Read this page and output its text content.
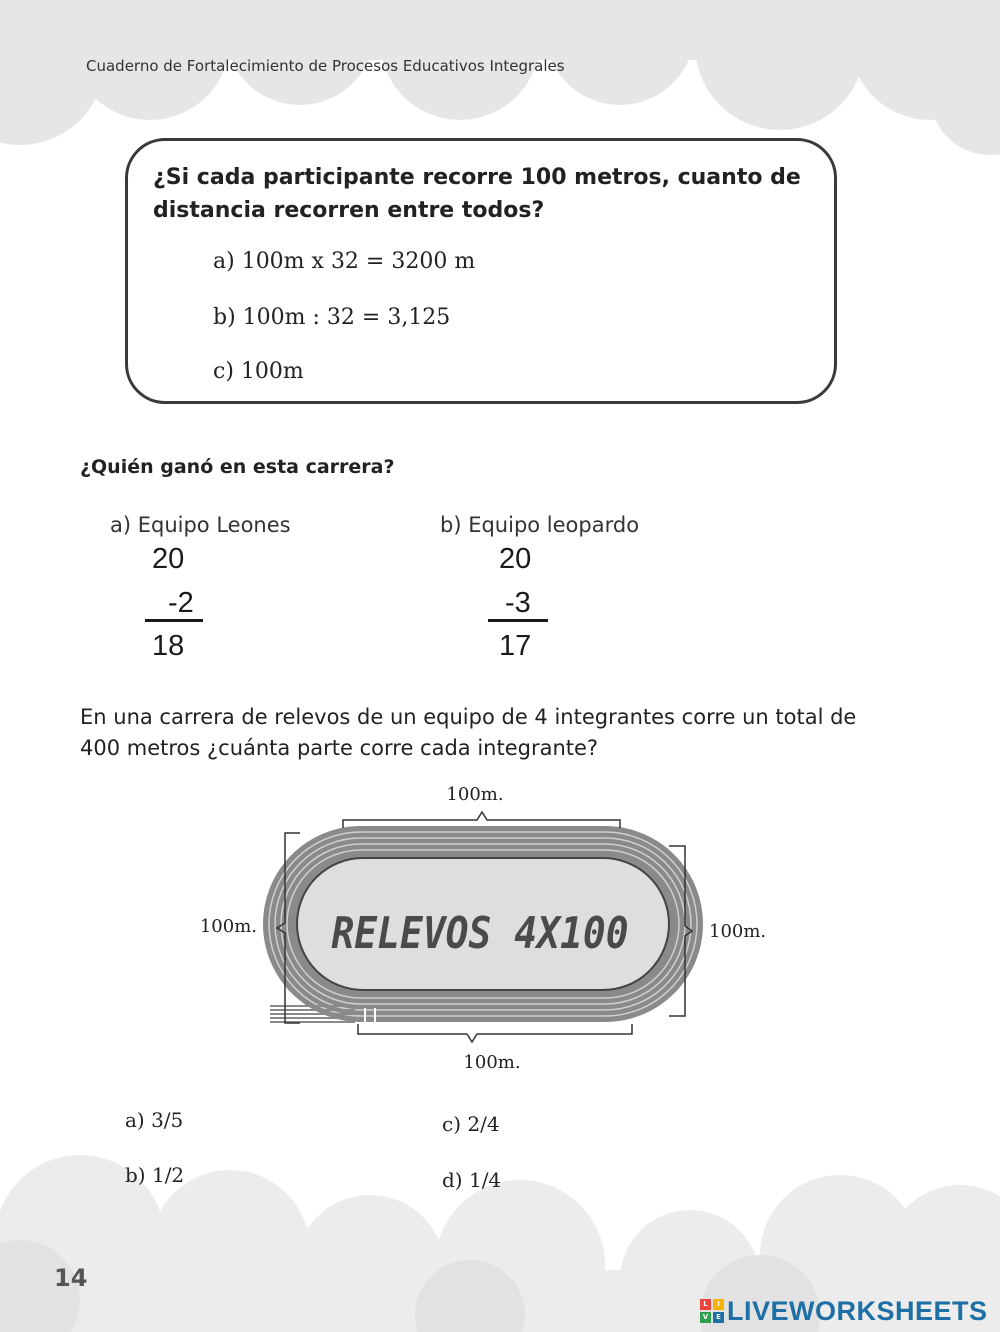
Cuaderno de Fortalecimiento de Procesos Educativos Integrales
¿Si cada participante recorre 100 metros, cuanto de distancia recorren entre todos?
a) 100m x 32 = 3200 m
b) 100m : 32 = 3,125
c) 100m
¿Quién ganó en esta carrera?
a) Equipo Leones
20
-2
18
b) Equipo leopardo
20
-3
17
En una carrera de relevos de un equipo de 4 integrantes corre un total de 400 metros ¿cuánta parte corre cada integrante?
100m.
100m.	100m.
100m.
RELEVOS 4X100
a) 3/5
b) 1/2
c) 2/4
d) 1/4
14
L	I
V	E LIVEWORKSHEETS
